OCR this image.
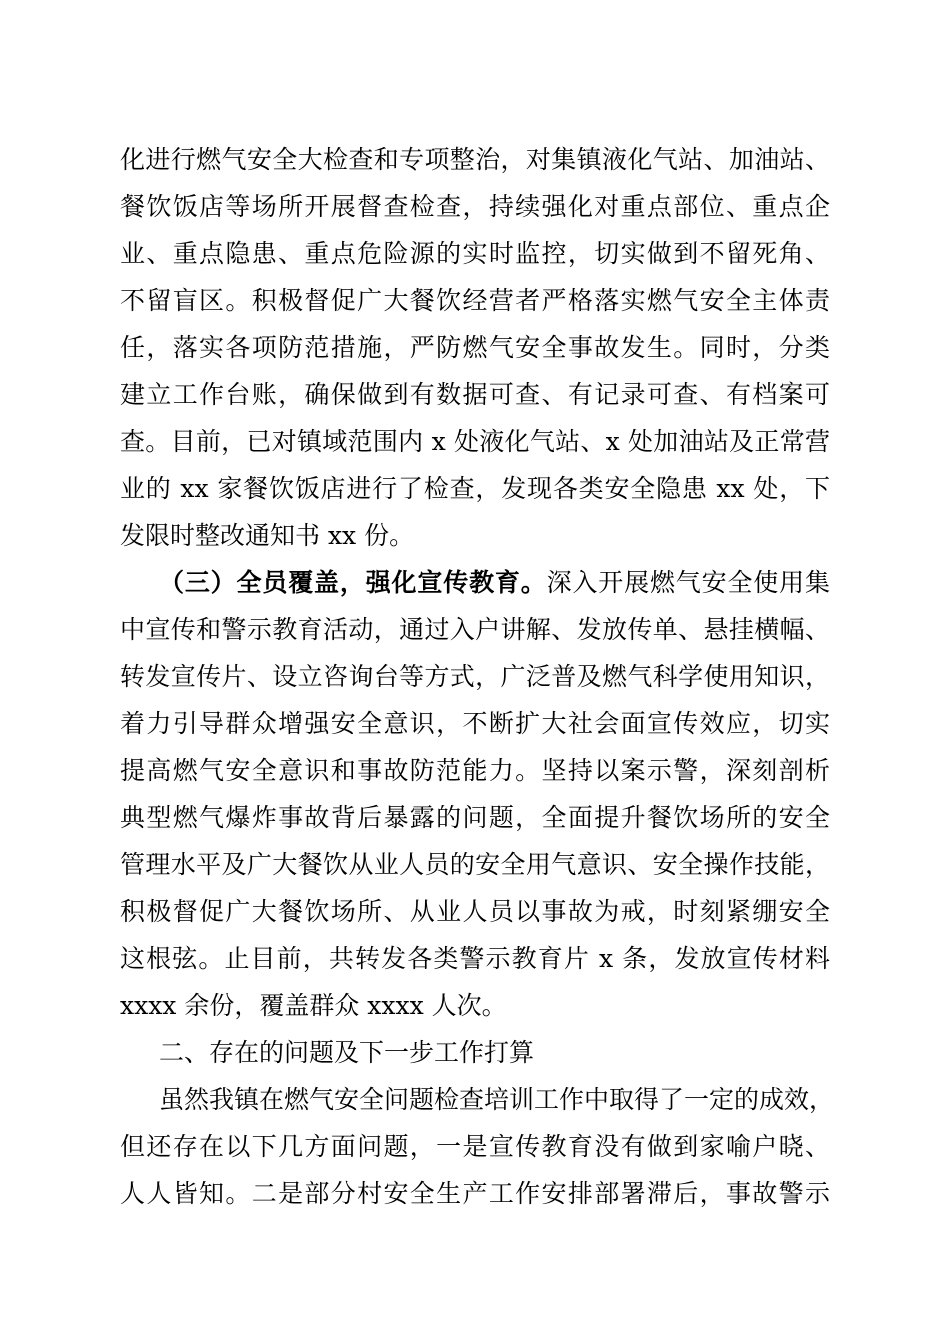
化进行燃气安全大检查和专项整治，对集镇液化气站、加油站、
餐饮饭店等场所开展督查检查，持续强化对重点部位、重点企
业、重点隐患、重点危险源的实时监控，切实做到不留死角、
不留盲区。积极督促广大餐饮经营者严格落实燃气安全主体责
任，落实各项防范措施，严防燃气安全事故发生。同时，分类
建立工作台账，确保做到有数据可查、有记录可查、有档案可
查。目前，已对镇域范围内 x 处液化气站、x 处加油站及正常营
业的 xx 家餐饮饭店进行了检查，发现各类安全隐患 xx 处，下
发限时整改通知书 xx 份。
（三）全员覆盖，强化宣传教育。深入开展燃气安全使用集
中宣传和警示教育活动，通过入户讲解、发放传单、悬挂横幅、
转发宣传片、设立咨询台等方式，广泛普及燃气科学使用知识，
着力引导群众增强安全意识，不断扩大社会面宣传效应，切实
提高燃气安全意识和事故防范能力。坚持以案示警，深刻剖析
典型燃气爆炸事故背后暴露的问题，全面提升餐饮场所的安全
管理水平及广大餐饮从业人员的安全用气意识、安全操作技能，
积极督促广大餐饮场所、从业人员以事故为戒，时刻紧绷安全
这根弦。止目前，共转发各类警示教育片 x 条，发放宣传材料
xxxx 余份，覆盖群众 xxxx 人次。
二、存在的问题及下一步工作打算
虽然我镇在燃气安全问题检查培训工作中取得了一定的成效，
但还存在以下几方面问题，一是宣传教育没有做到家喻户晓、
人人皆知。二是部分村安全生产工作安排部署滞后，事故警示
